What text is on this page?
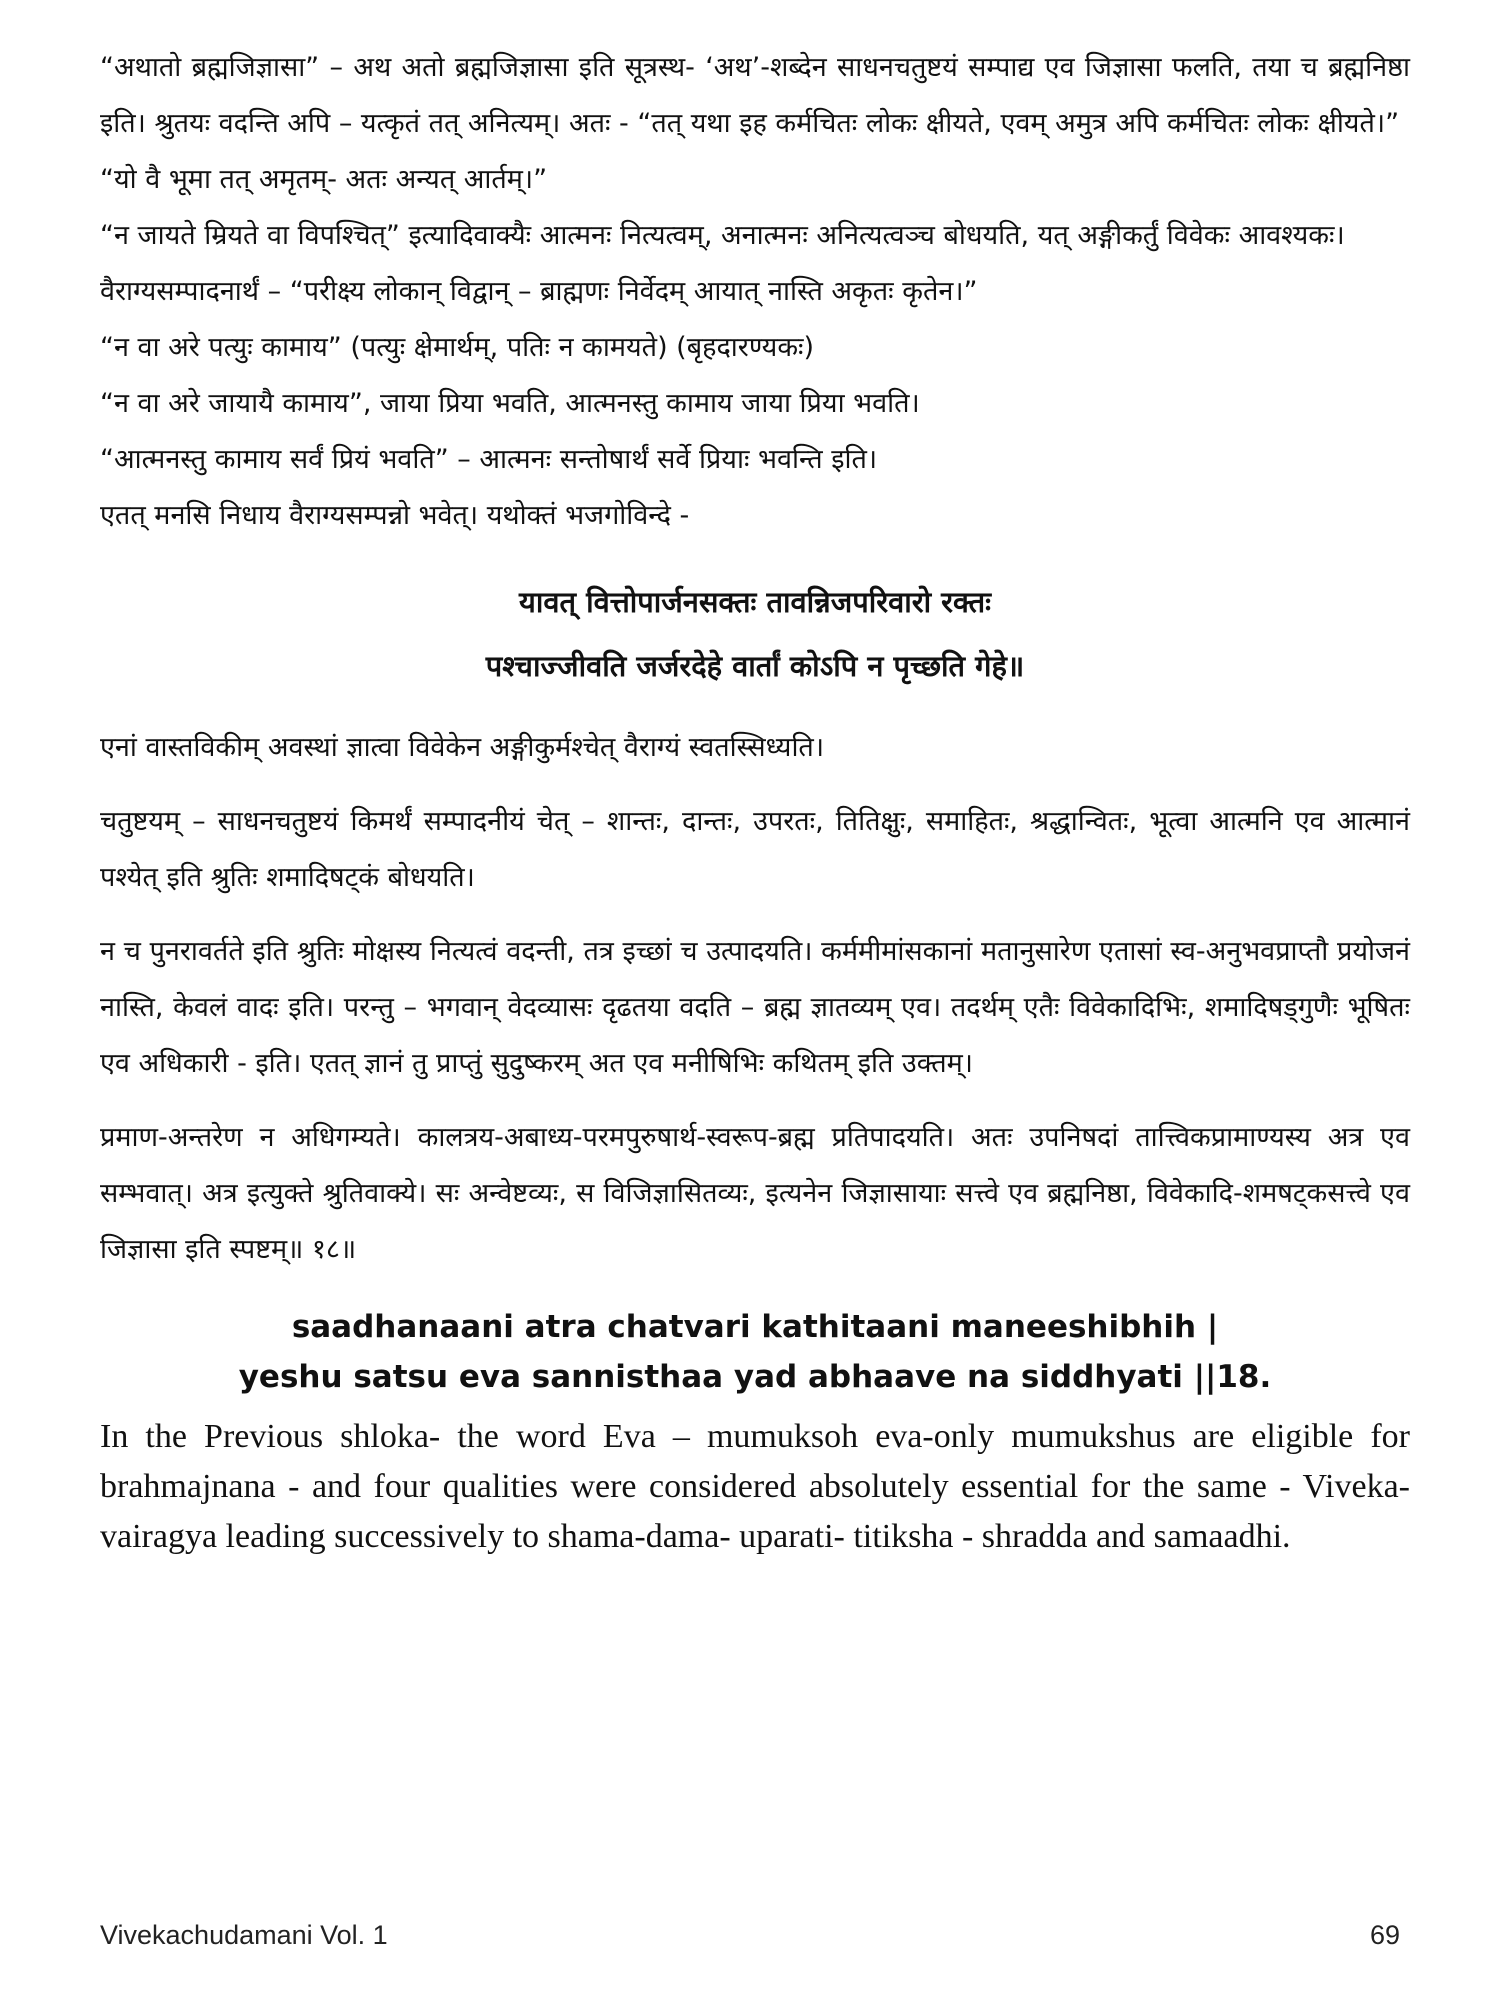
“अथातो ब्रह्मजिज्ञासा” – अथ अतो ब्रह्मजिज्ञासा इति सूत्रस्थ- ‘अथ’-शब्देन साधनचतुष्टयं सम्पाद्य एव जिज्ञासा फलति, तया च ब्रह्मनिष्ठा इति। श्रुतयः वदन्ति अपि – यत्कृतं तत् अनित्यम्। अतः - “तत् यथा इह कर्मचितः लोकः क्षीयते, एवम् अमुत्र अपि कर्मचितः लोकः क्षीयते।”

“यो वै भूमा तत् अमृतम्- अतः अन्यत् आर्तम्।”

“न जायते म्रियते वा विपश्चित्” इत्यादिवाक्यैः आत्मनः नित्यत्वम्, अनात्मनः अनित्यत्वञ्च बोधयति, यत् अङ्गीकर्तुं विवेकः आवश्यकः।

वैराग्यसम्पादनार्थं – “परीक्ष्य लोकान् विद्वान् – ब्राह्मणः निर्वेदम् आयात् नास्ति अकृतः कृतेन।”

“न वा अरे पत्युः कामाय” (पत्युः क्षेमार्थम्, पतिः न कामयते) (बृहदारण्यकः)

“न वा अरे जायायै कामाय”, जाया प्रिया भवति, आत्मनस्तु कामाय जाया प्रिया भवति।

“आत्मनस्तु कामाय सर्वं प्रियं भवति” – आत्मनः सन्तोषार्थं सर्वे प्रियाः भवन्ति इति।

एतत् मनसि निधाय वैराग्यसम्पन्नो भवेत्। यथोक्तं भजगोविन्दे -

यावत् वित्तोपार्जनसक्तः तावन्निजपरिवारो रक्तः
पश्चाज्जीवति जर्जरदेहे वार्तां कोऽपि न पृच्छति गेहे॥

एनां वास्तविकीम् अवस्थां ज्ञात्वा विवेकेन अङ्गीकुर्मश्चेत् वैराग्यं स्वतस्सिध्यति।

चतुष्टयम् – साधनचतुष्टयं किमर्थं सम्पादनीयं चेत् – शान्तः, दान्तः, उपरतः, तितिक्षुः, समाहितः, श्रद्धान्वितः, भूत्वा आत्मनि एव आत्मानं पश्येत् इति श्रुतिः शमादिषट्कं बोधयति।

न च पुनरावर्तते इति श्रुतिः मोक्षस्य नित्यत्वं वदन्ती, तत्र इच्छां च उत्पादयति। कर्ममीमांसकानां मतानुसारेण एतासां स्व-अनुभवप्राप्तौ प्रयोजनं नास्ति, केवलं वादः इति। परन्तु – भगवान् वेदव्यासः दृढतया वदति – ब्रह्म ज्ञातव्यम् एव। तदर्थम् एतैः विवेकादिभिः, शमादिषड्गुणैः भूषितः एव अधिकारी - इति। एतत् ज्ञानं तु प्राप्तुं सुदुष्करम् अत एव मनीषिभिः कथितम् इति उक्तम्।

प्रमाण-अन्तरेण न अधिगम्यते। कालत्रय-अबाध्य-परमपुरुषार्थ-स्वरूप-ब्रह्म प्रतिपादयति। अतः उपनिषदां तात्त्विकप्रामाण्यस्य अत्र एव सम्भवात्। अत्र इत्युक्ते श्रुतिवाक्ये। सः अन्वेष्टव्यः, स विजिज्ञासितव्यः, इत्यनेन जिज्ञासायाः सत्त्वे एव ब्रह्मनिष्ठा, विवेकादि-शमषट्कसत्त्वे एव जिज्ञासा इति स्पष्टम्॥ १८॥

saadhanaani atra chatvari kathitaani maneeshibhih |
yeshu satsu eva sannisthaa yad abhaave na siddhyati ||18.

In the Previous shloka- the word Eva – mumuksoh eva-only mumukshus are eligible for brahmajnana - and four qualities were considered absolutely essential for the same - Viveka- vairagya leading successively to shama-dama- uparati- titiksha - shradda and samaadhi.

Vivekachudamani Vol. 1	69
